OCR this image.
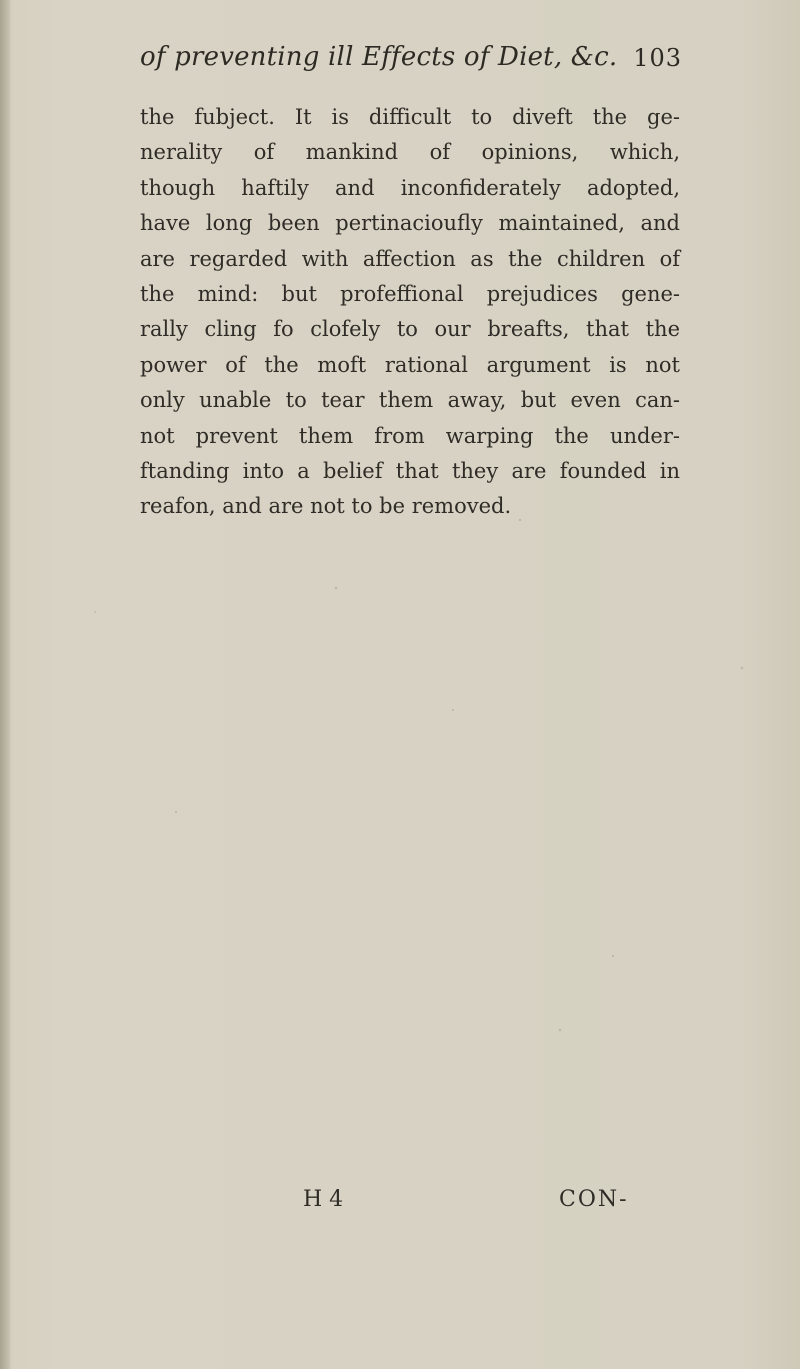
of preventing ill Effects of Diet, &c. 103
the fubject. It is difficult to diveft the ge-
nerality of mankind of opinions, which,
though haftily and inconfiderately adopted,
have long been pertinacioufly maintained, and
are regarded with affection as the children of
the mind: but profeffional prejudices gene-
rally cling fo clofely to our breafts, that the
power of the moft rational argument is not
only unable to tear them away, but even can-
not prevent them from warping the under-
ftanding into a belief that they are founded in
reafon, and are not to be removed.
H 4	CON-
